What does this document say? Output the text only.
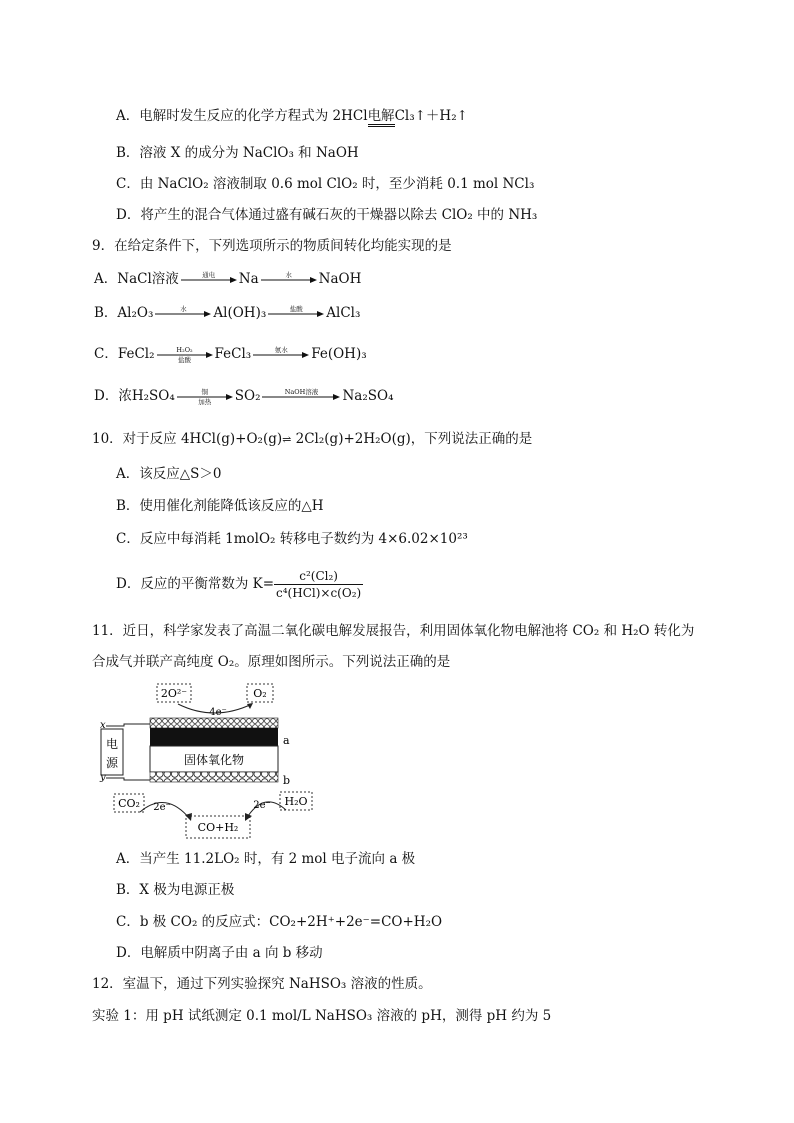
A．电解时发生反应的化学方程式为 2HCl电解Cl₃↑＋H₂↑
B．溶液 X 的成分为 NaClO₃ 和 NaOH
C．由 NaClO₂ 溶液制取 0.6 mol ClO₂ 时，至少消耗 0.1 mol NCl₃
D．将产生的混合气体通过盛有碱石灰的干燥器以除去 ClO₂ 中的 NH₃
9．在给定条件下，下列选项所示的物质间转化均能实现的是
A．NaCl溶液	通电	Na	水	NaOH
B．Al₂O₃	水	Al(OH)₃	盐酸	AlCl₃
C．FeCl₂	H₂O₂
盐酸	FeCl₃	氨水	Fe(OH)₃
D．浓H₂SO₄	铜
加热	SO₂	NaOH溶液	Na₂SO₄
10．对于反应 4HCl(g)+O₂(g)⇌ 2Cl₂(g)+2H₂O(g)，下列说法正确的是
A．该反应△S＞0
B．使用催化剂能降低该反应的△H
C．反应中每消耗 1molO₂ 转移电子数约为 4×6.02×10²³
D．反应的平衡常数为 $K= \frac{\text{c²(Cl₂)}}{\text{c⁴(HCl)×c(O₂)}}$
11．近日，科学家发表了高温二氧化碳电解发展报告，利用固体氧化物电解池将 CO₂ 和 H₂O 转化为
合成气并联产高纯度 O₂。原理如图所示。下列说法正确的是
2O²⁻	O₂
4e⁻
电
源
x
y
a
固体氧化物
b
CO₂	H₂O
CO+H₂
2e⁻	2e⁻
A．当产生 11.2LO₂ 时，有 2 mol 电子流向 a 极
B．X 极为电源正极
C．b 极 CO₂ 的反应式：CO₂+2H⁺+2e⁻=CO+H₂O
D．电解质中阴离子由 a 向 b 移动
12．室温下，通过下列实验探究 NaHSO₃ 溶液的性质。
实验 1：用 pH 试纸测定 0.1 mol/L NaHSO₃ 溶液的 pH，测得 pH 约为 5
